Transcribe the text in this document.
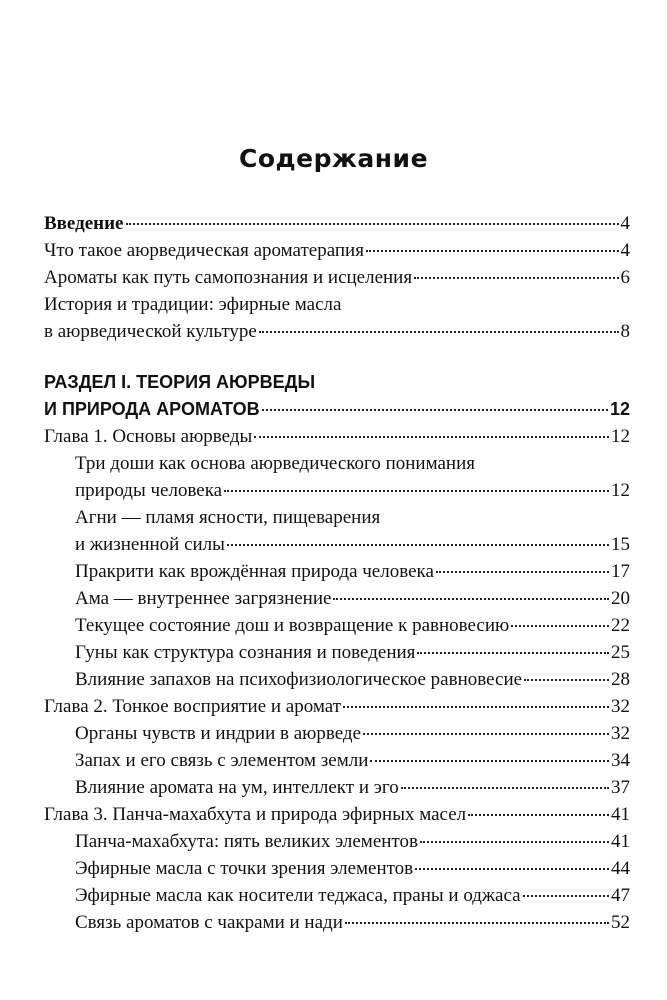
Содержание
Введение	4
Что такое аюрведическая ароматерапия	4
Ароматы как путь самопознания и исцеления	6
История и традиции: эфирные масла
в аюрведической культуре	8
РАЗДЕЛ I. ТЕОРИЯ АЮРВЕДЫ
И ПРИРОДА АРОМАТОВ	12
Глава 1. Основы аюрведы	12
Три доши как основа аюрведического понимания
природы человека	12
Агни — пламя ясности, пищеварения
и жизненной силы	15
Пракрити как врождённая природа человека	17
Ама — внутреннее загрязнение	20
Текущее состояние дош и возвращение к равновесию	22
Гуны как структура сознания и поведения	25
Влияние запахов на психофизиологическое равновесие	28
Глава 2. Тонкое восприятие и аромат	32
Органы чувств и индрии в аюрведе	32
Запах и его связь с элементом земли	34
Влияние аромата на ум, интеллект и эго	37
Глава 3. Панча-махабхута и природа эфирных масел	41
Панча-махабхута: пять великих элементов	41
Эфирные масла с точки зрения элементов	44
Эфирные масла как носители теджаса, праны и оджаса	47
Связь ароматов с чакрами и нади	52
